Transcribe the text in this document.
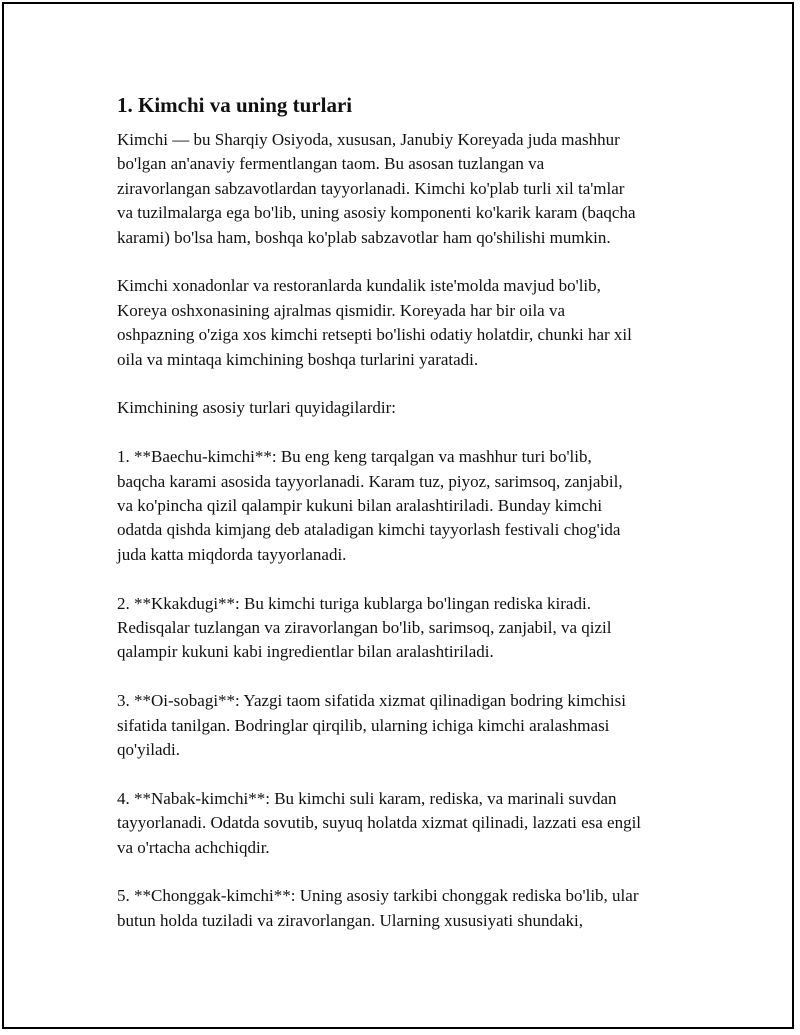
1. Kimchi va uning turlari

Kimchi — bu Sharqiy Osiyoda, xususan, Janubiy Koreyada juda mashhur
bo'lgan an'anaviy fermentlangan taom. Bu asosan tuzlangan va
ziravorlangan sabzavotlardan tayyorlanadi. Kimchi ko'plab turli xil ta'mlar
va tuzilmalarga ega bo'lib, uning asosiy komponenti ko'karik karam (baqcha
karami) bo'lsa ham, boshqa ko'plab sabzavotlar ham qo'shilishi mumkin.

Kimchi xonadonlar va restoranlarda kundalik iste'molda mavjud bo'lib,
Koreya oshxonasining ajralmas qismidir. Koreyada har bir oila va
oshpazning o'ziga xos kimchi retsepti bo'lishi odatiy holatdir, chunki har xil
oila va mintaqa kimchining boshqa turlarini yaratadi.

Kimchining asosiy turlari quyidagilardir:

1. **Baechu-kimchi**: Bu eng keng tarqalgan va mashhur turi bo'lib,
baqcha karami asosida tayyorlanadi. Karam tuz, piyoz, sarimsoq, zanjabil,
va ko'pincha qizil qalampir kukuni bilan aralashtiriladi. Bunday kimchi
odatda qishda kimjang deb ataladigan kimchi tayyorlash festivali chog'ida
juda katta miqdorda tayyorlanadi.

2. **Kkakdugi**: Bu kimchi turiga kublarga bo'lingan rediska kiradi.
Redisqalar tuzlangan va ziravorlangan bo'lib, sarimsoq, zanjabil, va qizil
qalampir kukuni kabi ingredientlar bilan aralashtiriladi.

3. **Oi-sobagi**: Yazgi taom sifatida xizmat qilinadigan bodring kimchisi
sifatida tanilgan. Bodringlar qirqilib, ularning ichiga kimchi aralashmasi
qo'yiladi.

4. **Nabak-kimchi**: Bu kimchi suli karam, rediska, va marinali suvdan
tayyorlanadi. Odatda sovutib, suyuq holatda xizmat qilinadi, lazzati esa engil
va o'rtacha achchiqdir.

5. **Chonggak-kimchi**: Uning asosiy tarkibi chonggak rediska bo'lib, ular
butun holda tuziladi va ziravorlangan. Ularning xususiyati shundaki,
